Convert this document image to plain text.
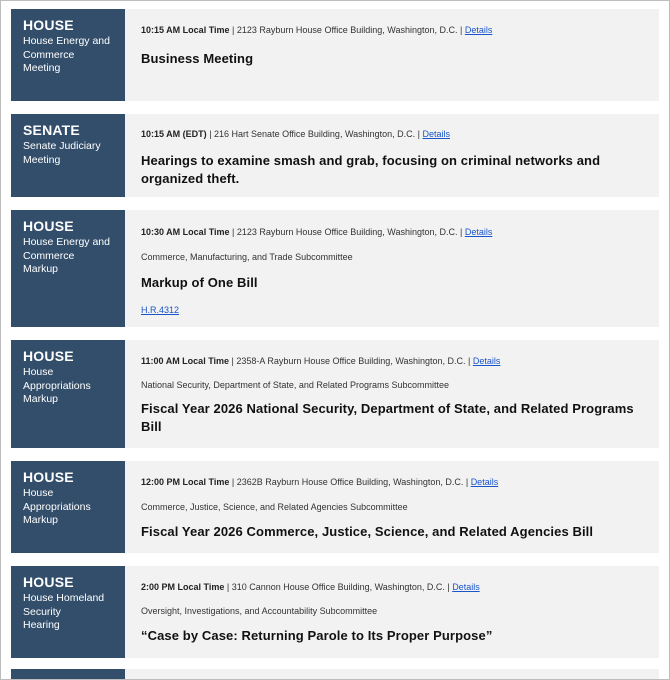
HOUSE
House Energy and Commerce
Meeting
10:15 AM Local Time | 2123 Rayburn House Office Building, Washington, D.C. | Details
Business Meeting
SENATE
Senate Judiciary
Meeting
10:15 AM (EDT) | 216 Hart Senate Office Building, Washington, D.C. | Details
Hearings to examine smash and grab, focusing on criminal networks and organized theft.
HOUSE
House Energy and Commerce
Markup
10:30 AM Local Time | 2123 Rayburn House Office Building, Washington, D.C. | Details
Commerce, Manufacturing, and Trade Subcommittee
Markup of One Bill
H.R.4312
HOUSE
House Appropriations
Markup
11:00 AM Local Time | 2358-A Rayburn House Office Building, Washington, D.C. | Details
National Security, Department of State, and Related Programs Subcommittee
Fiscal Year 2026 National Security, Department of State, and Related Programs Bill
HOUSE
House Appropriations
Markup
12:00 PM Local Time | 2362B Rayburn House Office Building, Washington, D.C. | Details
Commerce, Justice, Science, and Related Agencies Subcommittee
Fiscal Year 2026 Commerce, Justice, Science, and Related Agencies Bill
HOUSE
House Homeland Security
Hearing
2:00 PM Local Time | 310 Cannon House Office Building, Washington, D.C. | Details
Oversight, Investigations, and Accountability Subcommittee
“Case by Case: Returning Parole to Its Proper Purpose”
